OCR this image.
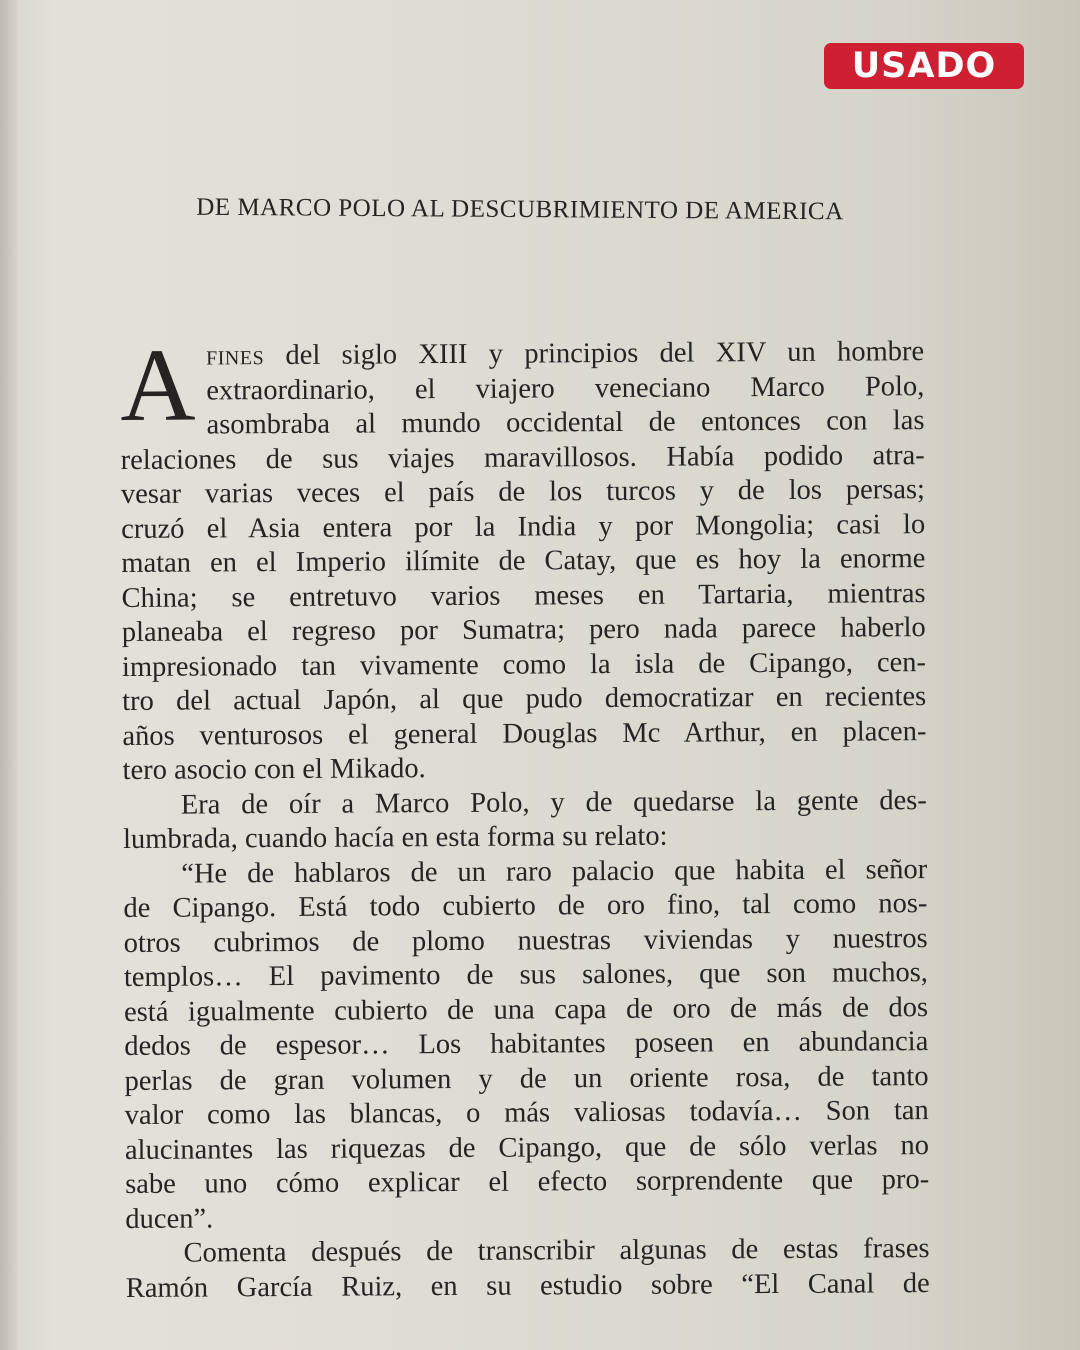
USADO
DE MARCO POLO AL DESCUBRIMIENTO DE AMERICA
A fines del siglo XIII y principios del XIV un hombre
extraordinario, el viajero veneciano Marco Polo,
asombraba al mundo occidental de entonces con las
relaciones de sus viajes maravillosos. Había podido atra-
vesar varias veces el país de los turcos y de los persas;
cruzó el Asia entera por la India y por Mongolia; casi lo
matan en el Imperio ilímite de Catay, que es hoy la enorme
China; se entretuvo varios meses en Tartaria, mientras
planeaba el regreso por Sumatra; pero nada parece haberlo
impresionado tan vivamente como la isla de Cipango, cen-
tro del actual Japón, al que pudo democratizar en recientes
años venturosos el general Douglas Mc Arthur, en placen-
tero asocio con el Mikado.
Era de oír a Marco Polo, y de quedarse la gente des-
lumbrada, cuando hacía en esta forma su relato:
“He de hablaros de un raro palacio que habita el señor
de Cipango. Está todo cubierto de oro fino, tal como nos-
otros cubrimos de plomo nuestras viviendas y nuestros
templos… El pavimento de sus salones, que son muchos,
está igualmente cubierto de una capa de oro de más de dos
dedos de espesor… Los habitantes poseen en abundancia
perlas de gran volumen y de un oriente rosa, de tanto
valor como las blancas, o más valiosas todavía… Son tan
alucinantes las riquezas de Cipango, que de sólo verlas no
sabe uno cómo explicar el efecto sorprendente que pro-
ducen”.
Comenta después de transcribir algunas de estas frases
Ramón García Ruiz, en su estudio sobre “El Canal de
